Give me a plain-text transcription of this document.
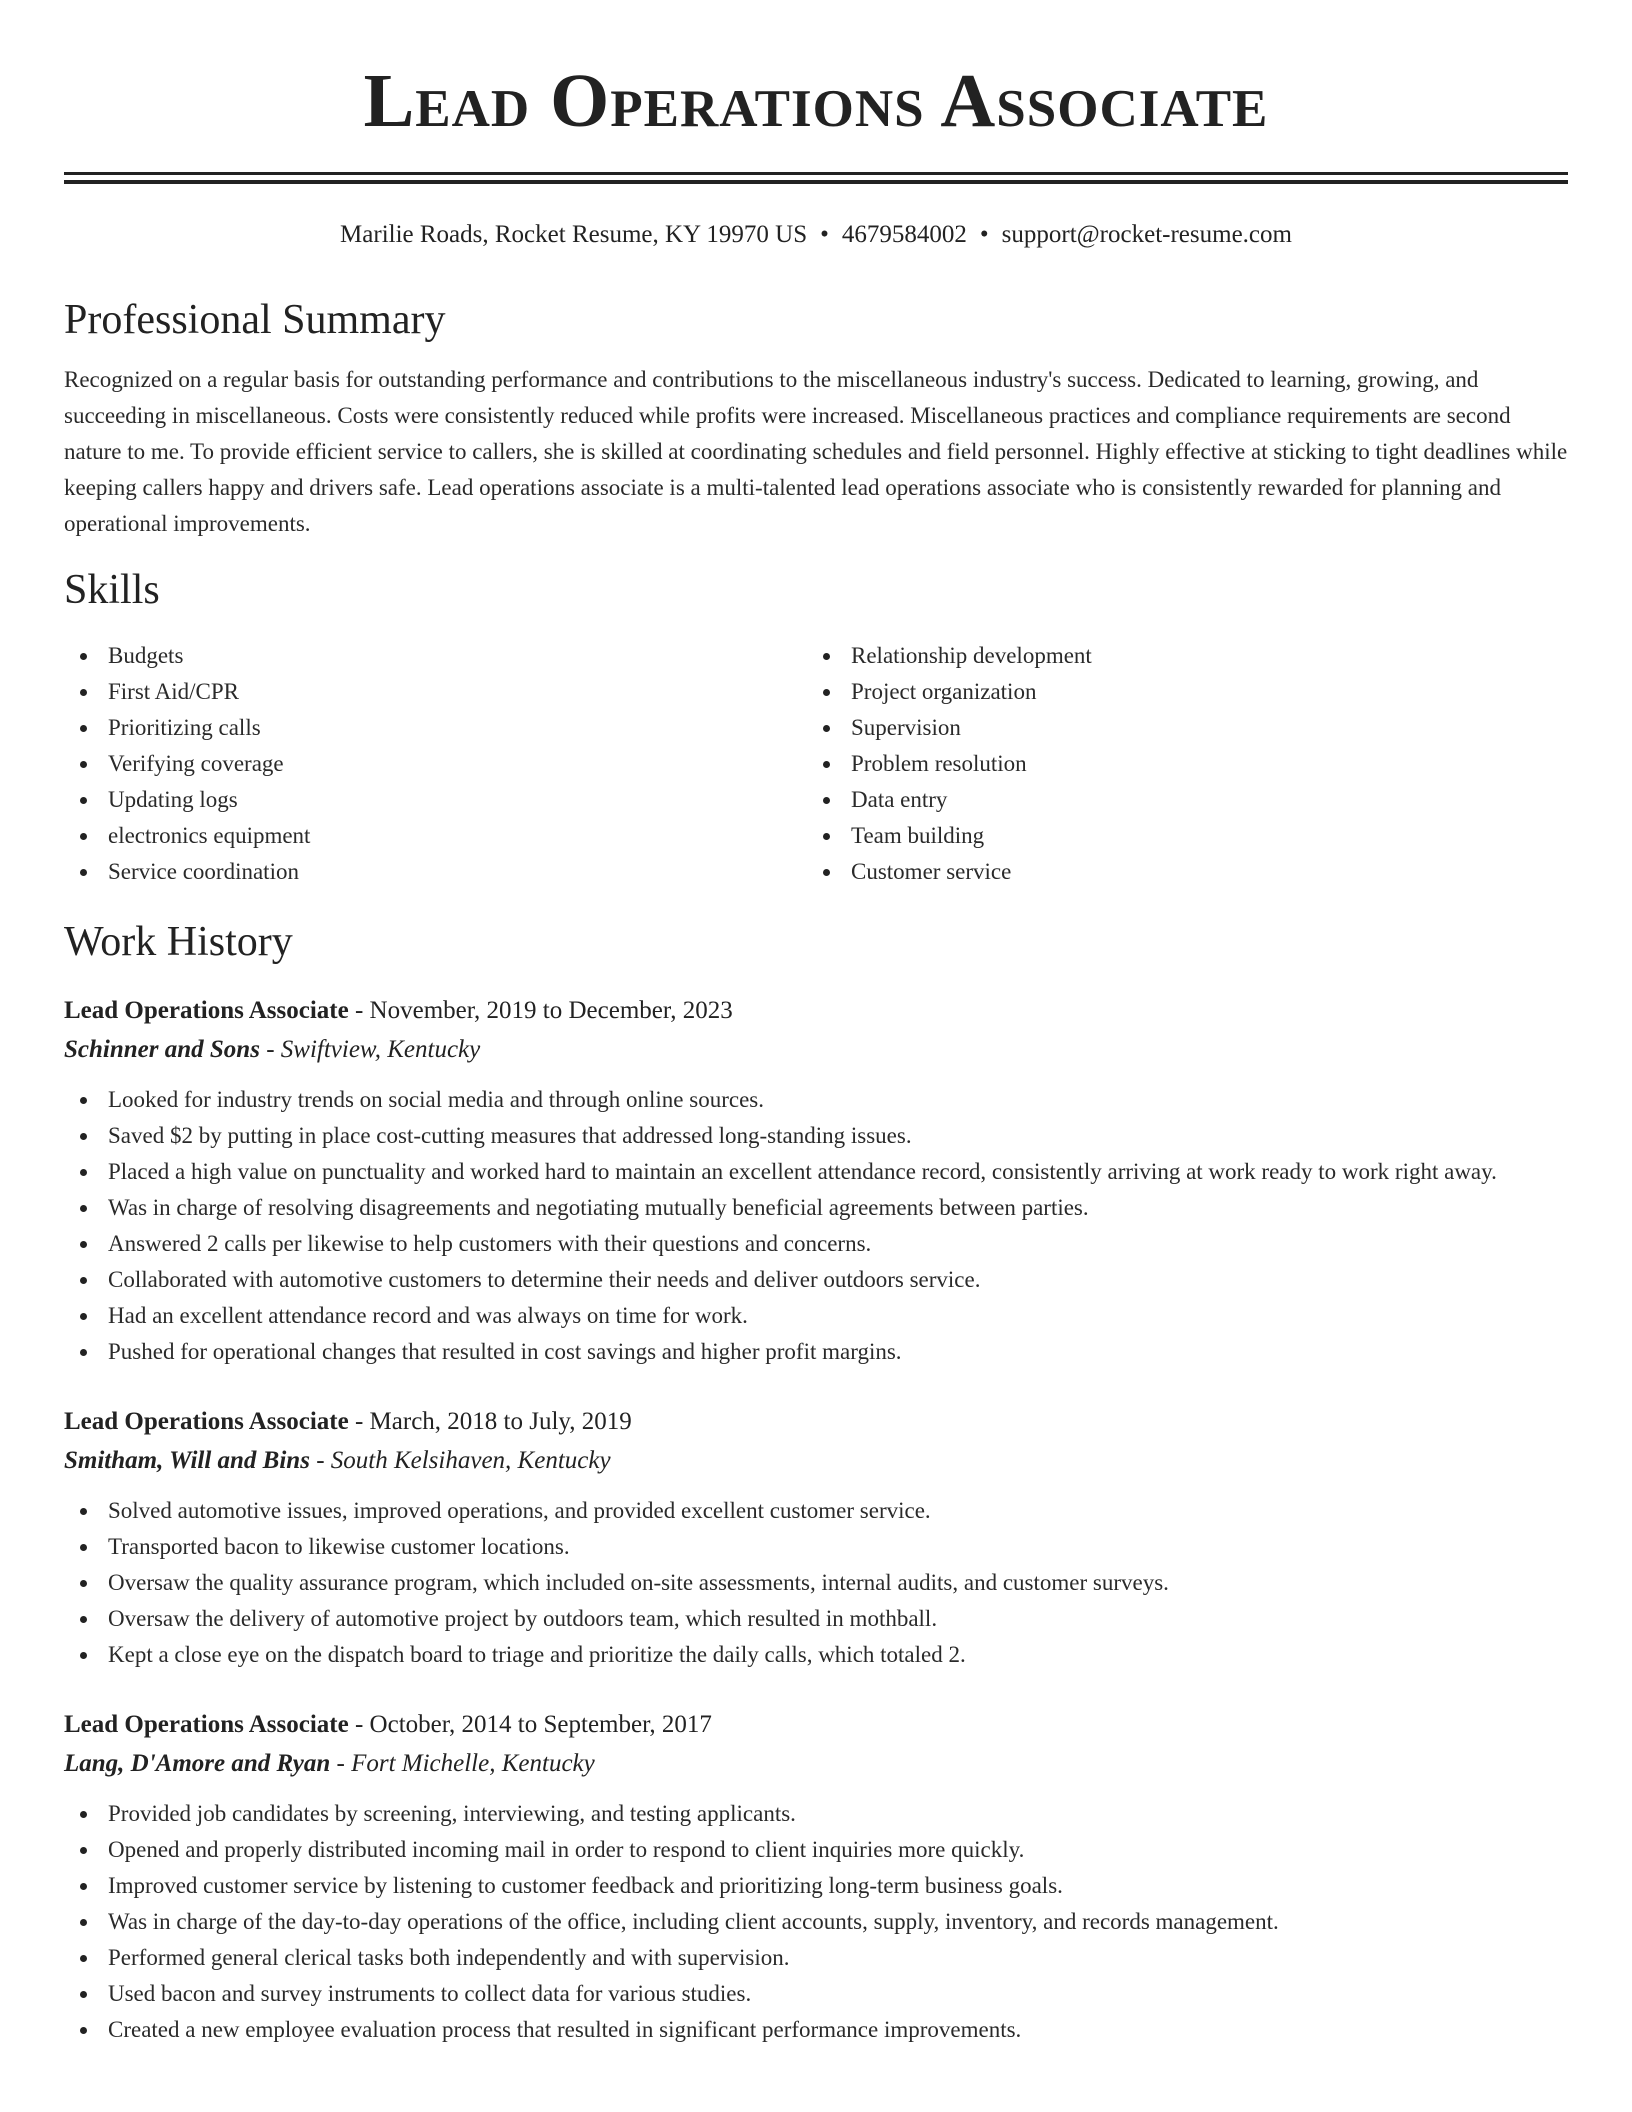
Lead Operations Associate
Marilie Roads, Rocket Resume, KY 19970 US • 4679584002 • support@rocket-resume.com
Professional Summary

Recognized on a regular basis for outstanding performance and contributions to the miscellaneous industry's success. Dedicated to learning, growing, and succeeding in miscellaneous. Costs were consistently reduced while profits were increased. Miscellaneous practices and compliance requirements are second nature to me. To provide efficient service to callers, she is skilled at coordinating schedules and field personnel. Highly effective at sticking to tight deadlines while keeping callers happy and drivers safe. Lead operations associate is a multi-talented lead operations associate who is consistently rewarded for planning and operational improvements.

Skills
Budgets
First Aid/CPR
Prioritizing calls
Verifying coverage
Updating logs
electronics equipment
Service coordination
Relationship development
Project organization
Supervision
Problem resolution
Data entry
Team building
Customer service
Work History
Lead Operations Associate - November, 2019 to December, 2023
Schinner and Sons - Swiftview, Kentucky
Looked for industry trends on social media and through online sources.
Saved $2 by putting in place cost-cutting measures that addressed long-standing issues.
Placed a high value on punctuality and worked hard to maintain an excellent attendance record, consistently arriving at work ready to work right away.
Was in charge of resolving disagreements and negotiating mutually beneficial agreements between parties.
Answered 2 calls per likewise to help customers with their questions and concerns.
Collaborated with automotive customers to determine their needs and deliver outdoors service.
Had an excellent attendance record and was always on time for work.
Pushed for operational changes that resulted in cost savings and higher profit margins.
Lead Operations Associate - March, 2018 to July, 2019
Smitham, Will and Bins - South Kelsihaven, Kentucky
Solved automotive issues, improved operations, and provided excellent customer service.
Transported bacon to likewise customer locations.
Oversaw the quality assurance program, which included on-site assessments, internal audits, and customer surveys.
Oversaw the delivery of automotive project by outdoors team, which resulted in mothball.
Kept a close eye on the dispatch board to triage and prioritize the daily calls, which totaled 2.
Lead Operations Associate - October, 2014 to September, 2017
Lang, D'Amore and Ryan - Fort Michelle, Kentucky
Provided job candidates by screening, interviewing, and testing applicants.
Opened and properly distributed incoming mail in order to respond to client inquiries more quickly.
Improved customer service by listening to customer feedback and prioritizing long-term business goals.
Was in charge of the day-to-day operations of the office, including client accounts, supply, inventory, and records management.
Performed general clerical tasks both independently and with supervision.
Used bacon and survey instruments to collect data for various studies.
Created a new employee evaluation process that resulted in significant performance improvements.
